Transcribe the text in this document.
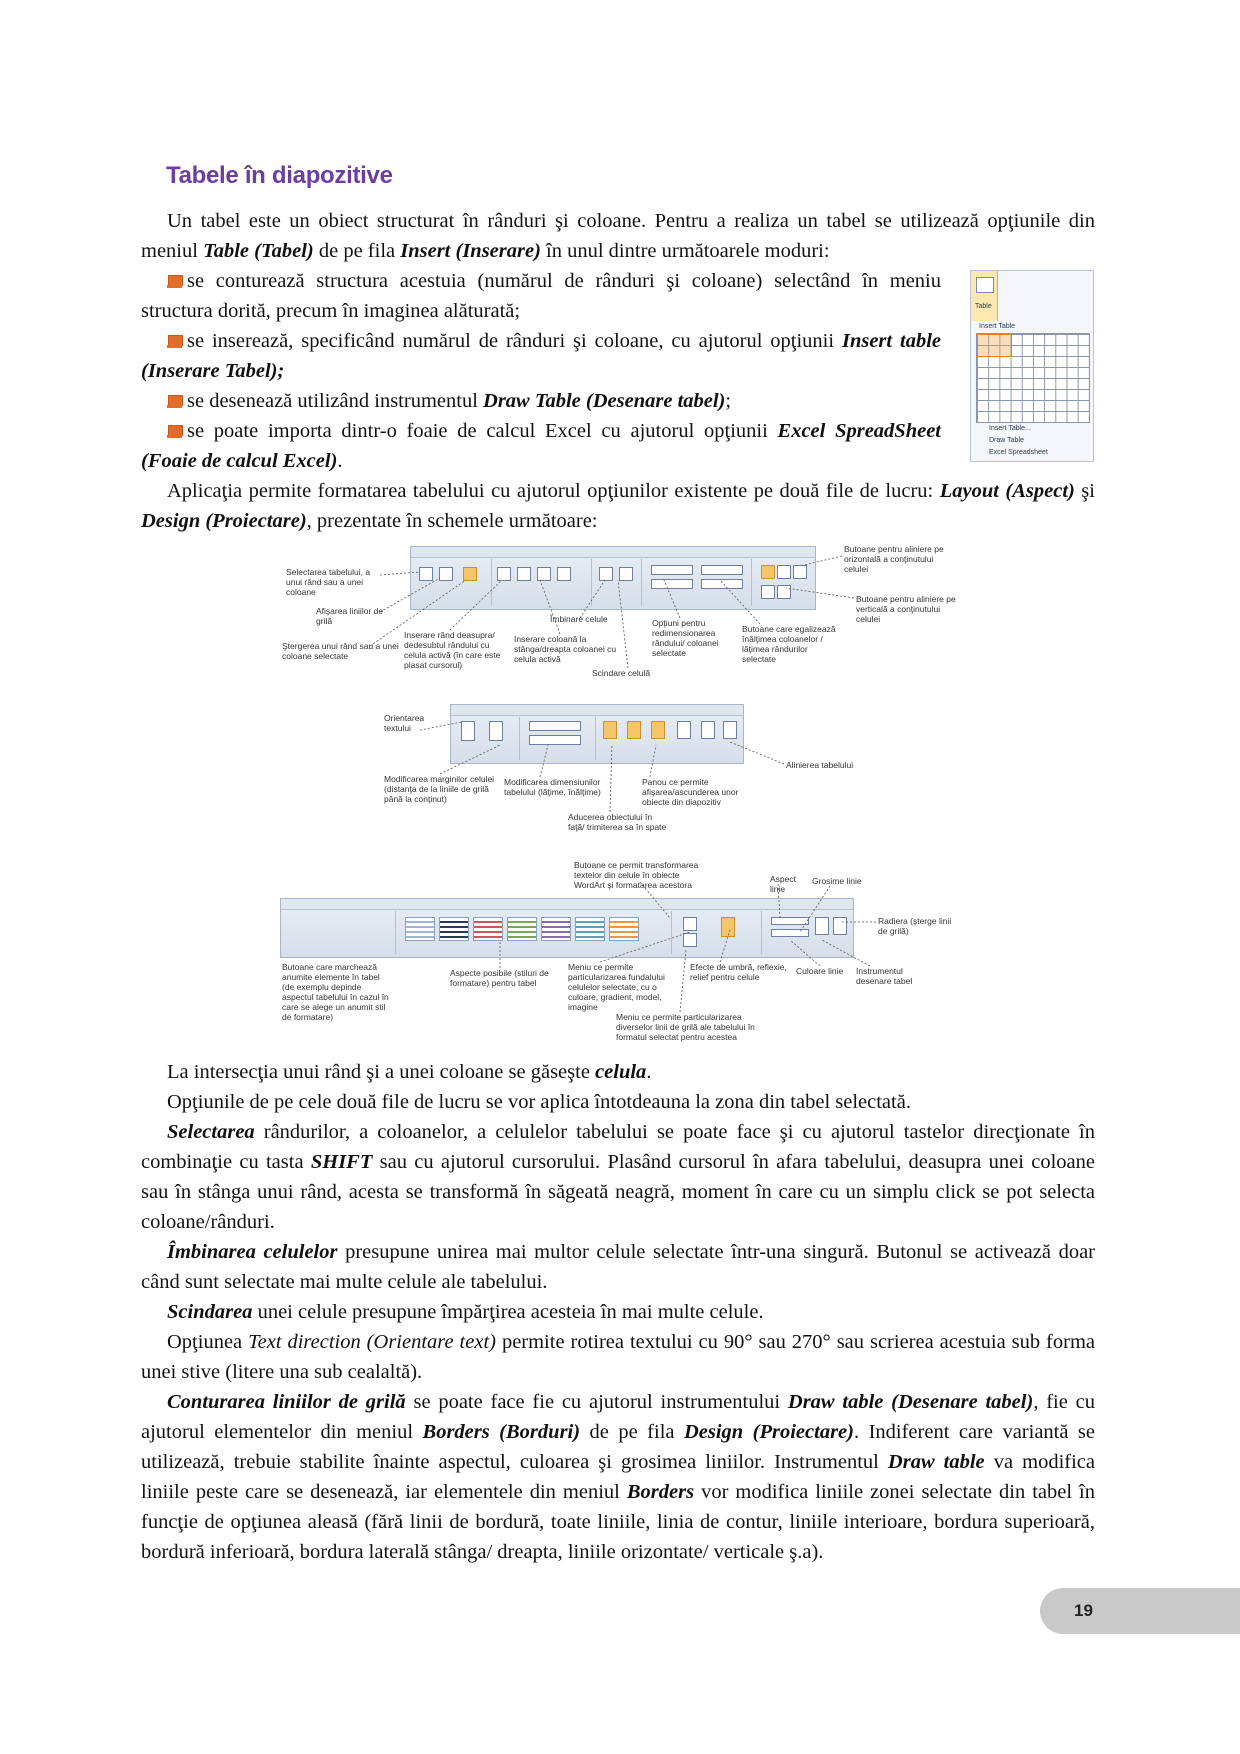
Tabele în diapozitive
Un tabel este un obiect structurat în rânduri şi coloane. Pentru a realiza un tabel se utilizează opţiunile din meniul Table (Tabel) de pe fila Insert (Inserare) în unul dintre următoarele moduri:
se conturează structura acestuia (numărul de rânduri şi coloane) selectând în meniu structura dorită, precum în imaginea alăturată;
se inserează, specificând numărul de rânduri şi coloane, cu ajutorul opţiunii Insert table (Inserare Tabel);
se desenează utilizând instrumentul Draw Table (Desenare tabel);
se poate importa dintr-o foaie de calcul Excel cu ajutorul opţiunii Excel SpreadSheet (Foaie de calcul Excel).
Table
Insert Table
Insert Table...
Draw Table
Excel Spreadsheet
Aplicaţia permite formatarea tabelului cu ajutorul opţiunilor existente pe două file de lucru: Layout (Aspect) şi Design (Proiectare), prezentate în schemele următoare:
Selectarea tabelului, a unui rând sau a unei coloane
Afişarea liniilor de grilă
Ştergerea unui rând sau a unei coloane selectate
Inserare rând deasupra/ dedesubtul rândului cu celula activă (în care este plasat cursorul)
Inserare coloană la stânga/dreapta coloanei cu celula activă
Îmbinare celule
Scindare celulă
Opţiuni pentru redimensionarea rândului/ coloanei selectate
Butoane care egalizează înălţimea coloanelor / lăţimea rândurilor selectate
Butoane pentru aliniere pe orizontală a conţinutului celulei
Butoane pentru aliniere pe verticală a conţinutului celulei
Orientarea textului
Modificarea marginilor celulei (distanţa de la liniile de grilă până la conţinut)
Modificarea dimensiunilor tabelului (lăţime, înălţime)
Panou ce permite afişarea/ascunderea unor obiecte din diapozitiv
Aducerea obiectului în faţă/ trimiterea sa în spate
Alinierea tabelului
Butoane ce permit transformarea textelor din celule în obiecte WordArt şi formatarea acestora
Aspect linie
Grosime linie
Radiera (şterge linii de grilă)
Butoane care marchează anumite elemente în tabel (de exemplu depinde aspectul tabelului în cazul în care se alege un anumit stil de formatare)
Aspecte posibile (stiluri de formatare) pentru tabel
Meniu ce permite particularizarea fundalului celulelor selectate, cu o culoare, gradient, model, imagine
Efecte de umbră, reflexie, relief pentru celule
Culoare linie	Instrumentul desenare tabel
Meniu ce permite particularizarea diverselor linii de grilă ale tabelului în formatul selectat pentru acestea
La intersecţia unui rând şi a unei coloane se găseşte celula.
Opţiunile de pe cele două file de lucru se vor aplica întotdeauna la zona din tabel selectată.
Selectarea rândurilor, a coloanelor, a celulelor tabelului se poate face şi cu ajutorul tastelor direcţionate în combinaţie cu tasta SHIFT sau cu ajutorul cursorului. Plasând cursorul în afara tabelului, deasupra unei coloane sau în stânga unui rând, acesta se transformă în săgeată neagră, moment în care cu un simplu click se pot selecta coloane/rânduri.
Îmbinarea celulelor presupune unirea mai multor celule selectate într-una singură. Butonul se activează doar când sunt selectate mai multe celule ale tabelului.
Scindarea unei celule presupune împărţirea acesteia în mai multe celule.
Opţiunea Text direction (Orientare text) permite rotirea textului cu 90° sau 270° sau scrierea acestuia sub forma unei stive (litere una sub cealaltă).
Conturarea liniilor de grilă se poate face fie cu ajutorul instrumentului Draw table (Desenare tabel), fie cu ajutorul elementelor din meniul Borders (Borduri) de pe fila Design (Proiectare). Indiferent care variantă se utilizează, trebuie stabilite înainte aspectul, culoarea şi grosimea liniilor. Instrumentul Draw table va modifica liniile peste care se desenează, iar elementele din meniul Borders vor modifica liniile zonei selectate din tabel în funcţie de opţiunea aleasă (fără linii de bordură, toate liniile, linia de contur, liniile interioare, bordura superioară, bordură inferioară, bordura laterală stânga/ dreapta, liniile orizontate/ verticale ş.a).
19
